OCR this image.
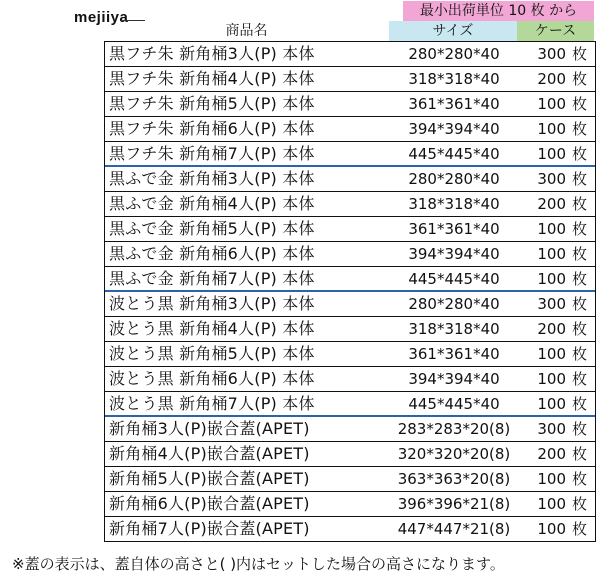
mejiiya	最小出荷単位 10 枚 から
商品名	サイズ	ケース
黒フチ朱 新角桶3人(P) 本体	280*280*40	300 枚
黒フチ朱 新角桶4人(P) 本体	318*318*40	200 枚
黒フチ朱 新角桶5人(P) 本体	361*361*40	100 枚
黒フチ朱 新角桶6人(P) 本体	394*394*40	100 枚
黒フチ朱 新角桶7人(P) 本体	445*445*40	100 枚
黒ふで金 新角桶3人(P) 本体	280*280*40	300 枚
黒ふで金 新角桶4人(P) 本体	318*318*40	200 枚
黒ふで金 新角桶5人(P) 本体	361*361*40	100 枚
黒ふで金 新角桶6人(P) 本体	394*394*40	100 枚
黒ふで金 新角桶7人(P) 本体	445*445*40	100 枚
波とう黒 新角桶3人(P) 本体	280*280*40	300 枚
波とう黒 新角桶4人(P) 本体	318*318*40	200 枚
波とう黒 新角桶5人(P) 本体	361*361*40	100 枚
波とう黒 新角桶6人(P) 本体	394*394*40	100 枚
波とう黒 新角桶7人(P) 本体	445*445*40	100 枚
新角桶3人(P)嵌合蓋(APET)	283*283*20(8)	300 枚
新角桶4人(P)嵌合蓋(APET)	320*320*20(8)	200 枚
新角桶5人(P)嵌合蓋(APET)	363*363*20(8)	100 枚
新角桶6人(P)嵌合蓋(APET)	396*396*21(8)	100 枚
新角桶7人(P)嵌合蓋(APET)	447*447*21(8)	100 枚
※蓋の表示は、蓋自体の高さと( )内はセットした場合の高さになります。
